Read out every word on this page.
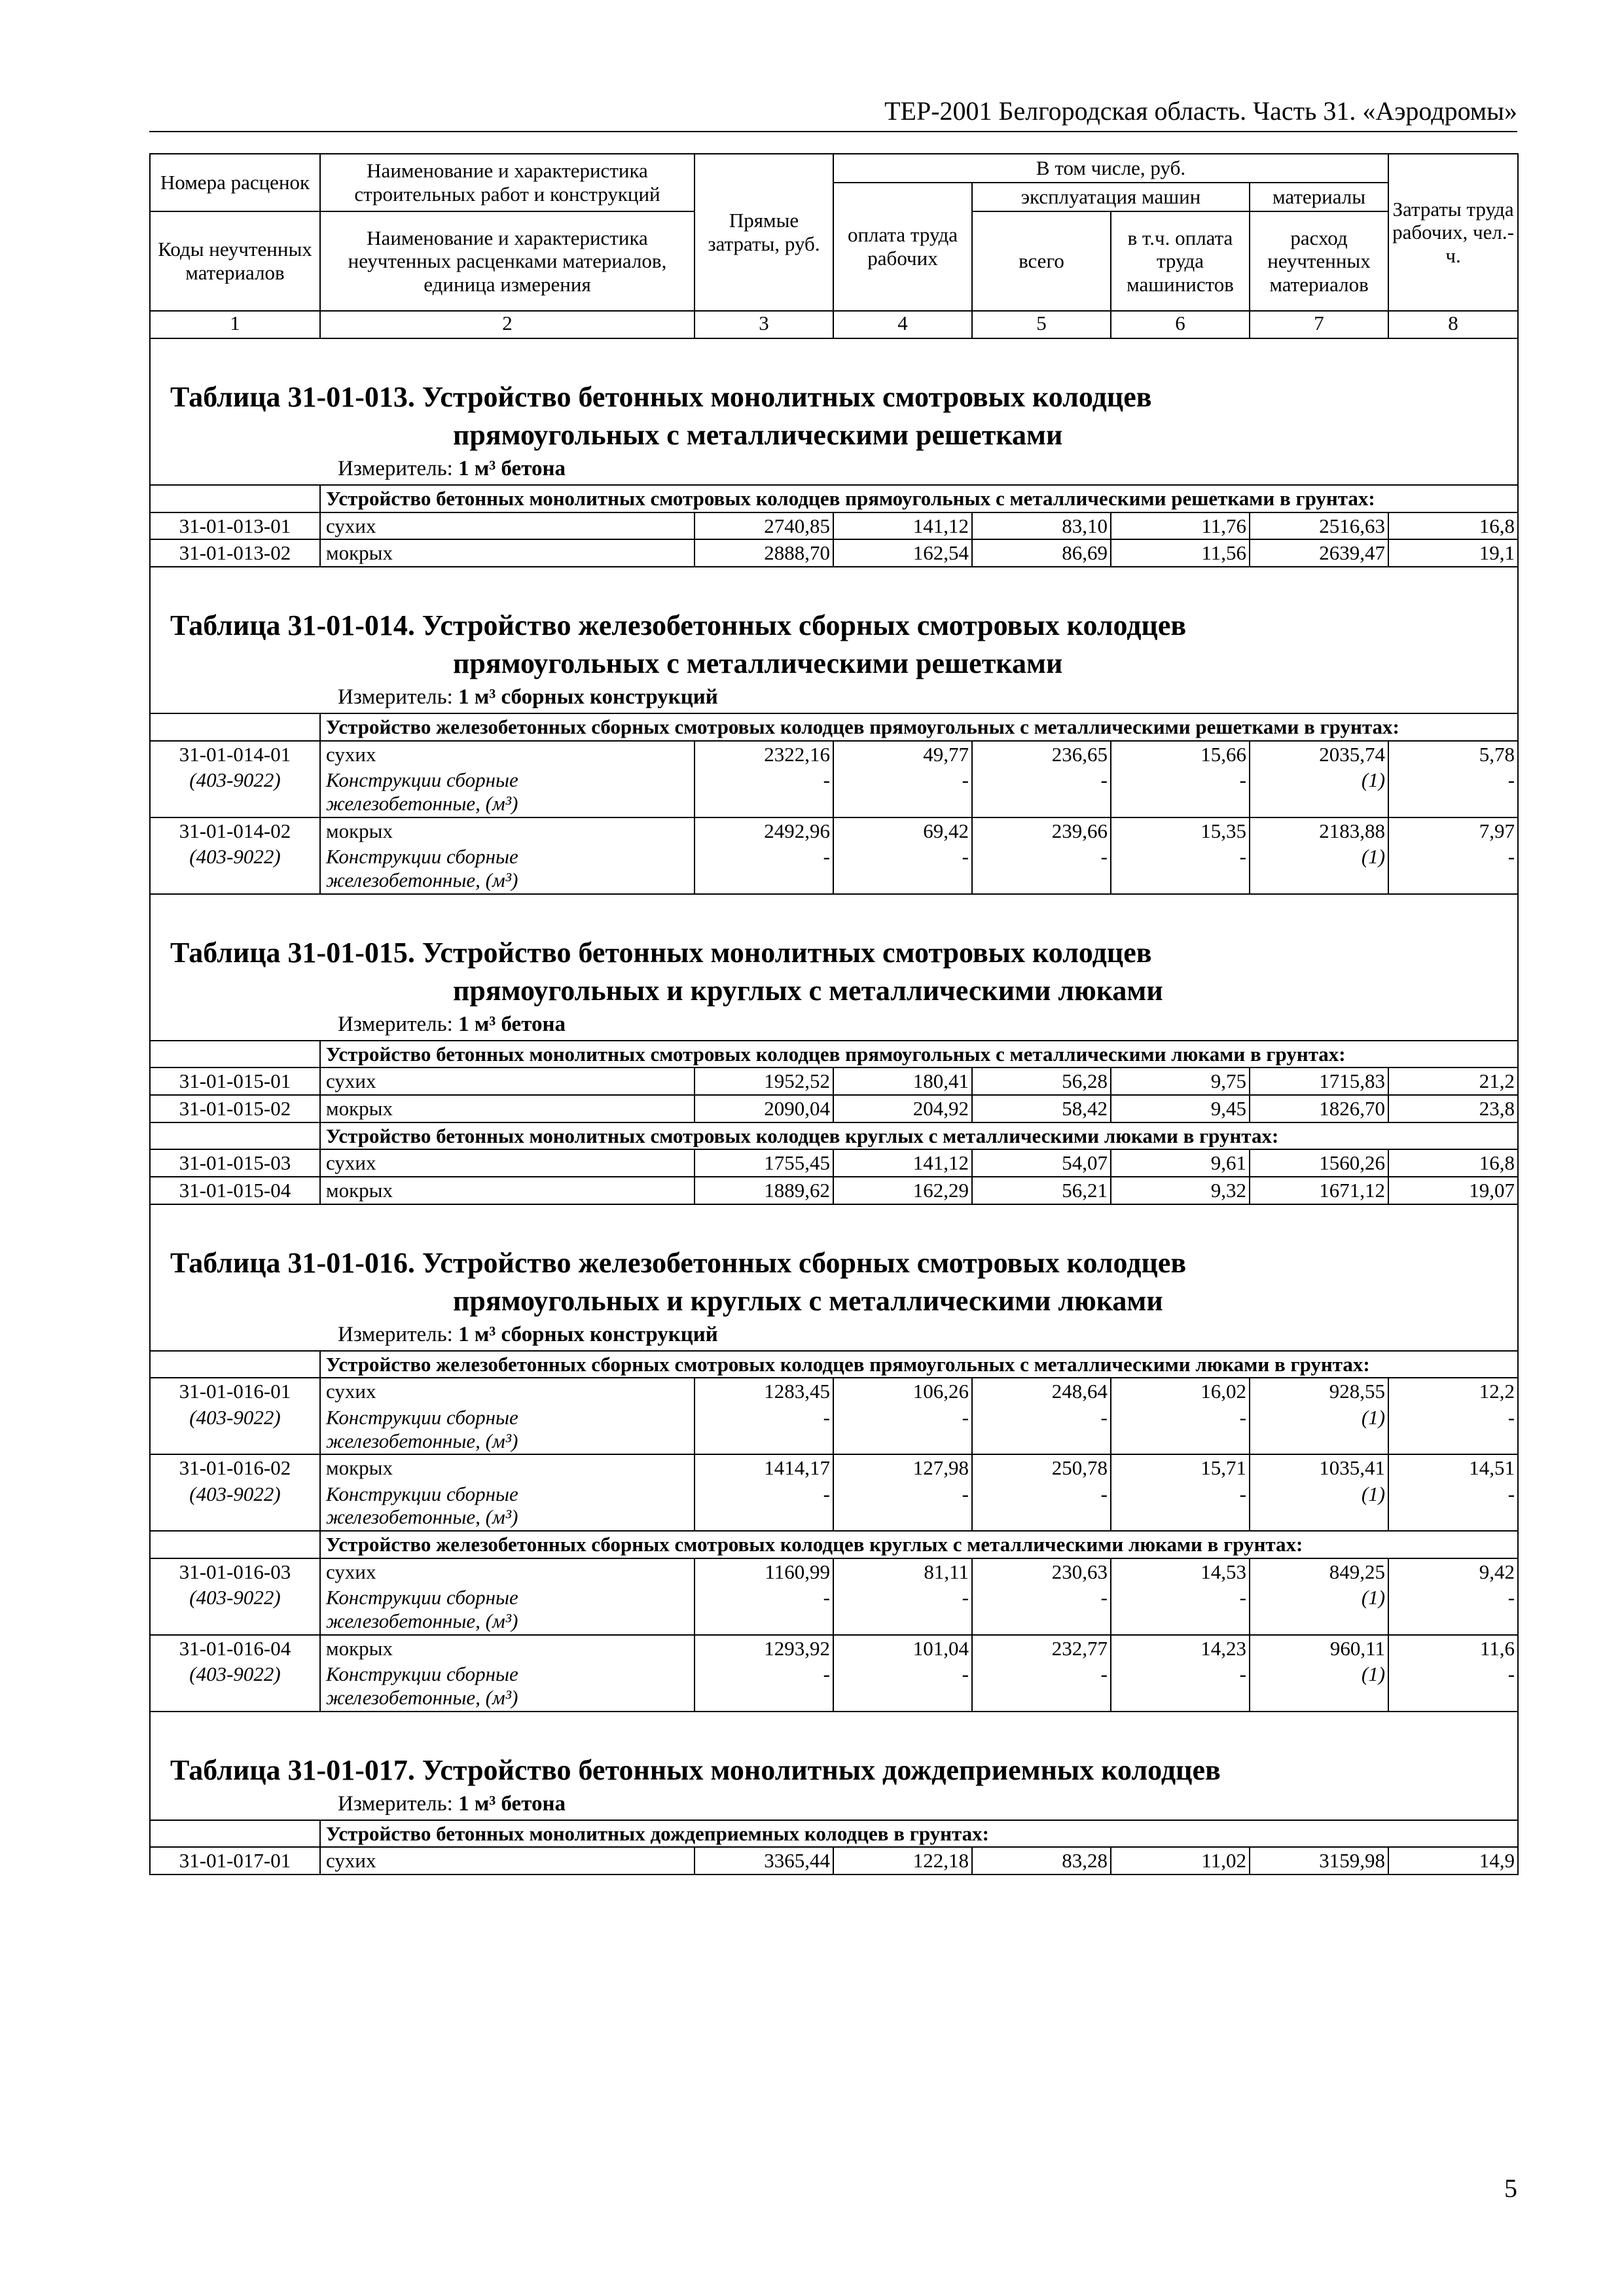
ТЕР-2001 Белгородская область. Часть 31. «Аэродромы»
Номера расценок	Наименование и характеристика строительных работ и конструкций	Прямые затраты, руб.	В том числе, руб.				Затраты труда рабочих, чел.-ч.
			оплата труда рабочих	эксплуатация машин		материалы	
Коды неучтенных материалов	Наименование и характеристика неучтенных расценками материалов, единица измерения			всего	в т.ч. оплата труда машинистов	расход неучтенных материалов	

1	2	3	4	5	6	7	8

Таблица 31-01-013. Устройство бетонных монолитных смотровых колодцев
прямоугольных с металлическими решетками
Измеритель: 1 м³ бетона							

	Устройство бетонных монолитных смотровых колодцев прямоугольных с металлическими решетками в грунтах:						
31-01-013-01	сухих	2740,85	141,12	83,10	11,76	2516,63	16,8
31-01-013-02	мокрых	2888,70	162,54	86,69	11,56	2639,47	19,1

Таблица 31-01-014. Устройство железобетонных сборных смотровых колодцев
прямоугольных с металлическими решетками
Измеритель: 1 м³ сборных конструкций							

	Устройство железобетонных сборных смотровых колодцев прямоугольных с металлическими решетками в грунтах:						
31-01-014-01	сухих	2322,16	49,77	236,65	15,66	2035,74	5,78
(403-9022)	Конструкции сборные железобетонные, (м³)	-	-	-	-	(1)	-
31-01-014-02	мокрых	2492,96	69,42	239,66	15,35	2183,88	7,97
(403-9022)	Конструкции сборные железобетонные, (м³)	-	-	-	-	(1)	-

Таблица 31-01-015. Устройство бетонных монолитных смотровых колодцев
прямоугольных и круглых с металлическими люками
Измеритель: 1 м³ бетона							

	Устройство бетонных монолитных смотровых колодцев прямоугольных с металлическими люками в грунтах:						
31-01-015-01	сухих	1952,52	180,41	56,28	9,75	1715,83	21,2
31-01-015-02	мокрых	2090,04	204,92	58,42	9,45	1826,70	23,8
	Устройство бетонных монолитных смотровых колодцев круглых с металлическими люками в грунтах:						
31-01-015-03	сухих	1755,45	141,12	54,07	9,61	1560,26	16,8
31-01-015-04	мокрых	1889,62	162,29	56,21	9,32	1671,12	19,07

Таблица 31-01-016. Устройство железобетонных сборных смотровых колодцев
прямоугольных и круглых с металлическими люками
Измеритель: 1 м³ сборных конструкций							

	Устройство железобетонных сборных смотровых колодцев прямоугольных с металлическими люками в грунтах:						
31-01-016-01	сухих	1283,45	106,26	248,64	16,02	928,55	12,2
(403-9022)	Конструкции сборные железобетонные, (м³)	-	-	-	-	(1)	-
31-01-016-02	мокрых	1414,17	127,98	250,78	15,71	1035,41	14,51
(403-9022)	Конструкции сборные железобетонные, (м³)	-	-	-	-	(1)	-
	Устройство железобетонных сборных смотровых колодцев круглых с металлическими люками в грунтах:						
31-01-016-03	сухих	1160,99	81,11	230,63	14,53	849,25	9,42
(403-9022)	Конструкции сборные железобетонные, (м³)	-	-	-	-	(1)	-
31-01-016-04	мокрых	1293,92	101,04	232,77	14,23	960,11	11,6
(403-9022)	Конструкции сборные железобетонные, (м³)	-	-	-	-	(1)	-

Таблица 31-01-017. Устройство бетонных монолитных дождеприемных колодцев
Измеритель: 1 м³ бетона							

	Устройство бетонных монолитных дождеприемных колодцев в грунтах:						
31-01-017-01	сухих	3365,44	122,18	83,28	11,02	3159,98	14,9
5
